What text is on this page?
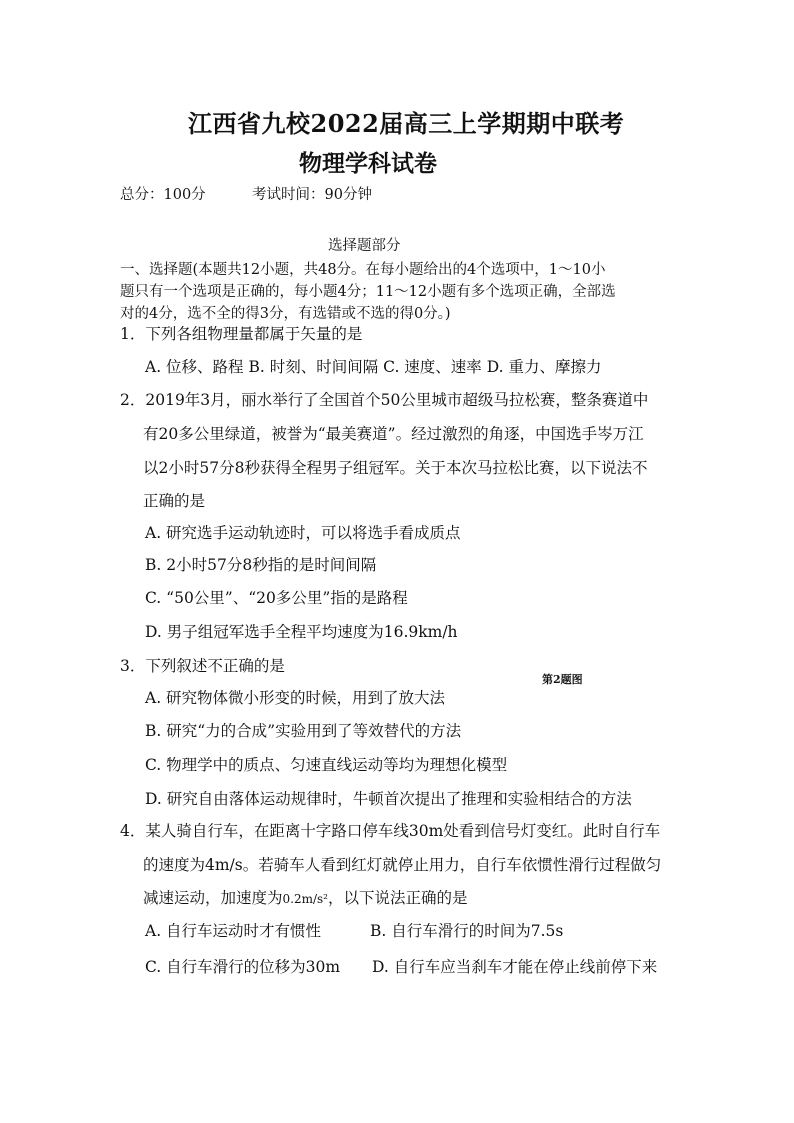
江西省九校2022届高三上学期期中联考
物理学科试卷
总分：100分	考试时间：90分钟
选择题部分
一、选择题(本题共12小题，共48分。在每小题给出的4个选项中，1～10小
题只有一个选项是正确的，每小题4分；11～12小题有多个选项正确，全部选
对的4分，选不全的得3分，有选错或不选的得0分。)
1．下列各组物理量都属于矢量的是
A. 位移、路程 B. 时刻、时间间隔 C. 速度、速率 D. 重力、摩擦力
2．2019年3月，丽水举行了全国首个50公里城市超级马拉松赛，整条赛道中
有20多公里绿道，被誉为“最美赛道”。经过激烈的角逐，中国选手岑万江
以2小时57分8秒获得全程男子组冠军。关于本次马拉松比赛，以下说法不
正确的是
A. 研究选手运动轨迹时，可以将选手看成质点
B. 2小时57分8秒指的是时间间隔
C. “50公里”、“20多公里”指的是路程
D. 男子组冠军选手全程平均速度为16.9km/h
3．下列叙述不正确的是
第2题图
A. 研究物体微小形变的时候，用到了放大法
B. 研究“力的合成”实验用到了等效替代的方法
C. 物理学中的质点、匀速直线运动等均为理想化模型
D. 研究自由落体运动规律时，牛顿首次提出了推理和实验相结合的方法
4．某人骑自行车，在距离十字路口停车线30m处看到信号灯变红。此时自行车
的速度为4m/s。若骑车人看到红灯就停止用力，自行车依惯性滑行过程做匀
减速运动，加速度为0.2m/s²，以下说法正确的是
A. 自行车运动时才有惯性	B. 自行车滑行的时间为7.5s
C. 自行车滑行的位移为30m D. 自行车应当刹车才能在停止线前停下来
